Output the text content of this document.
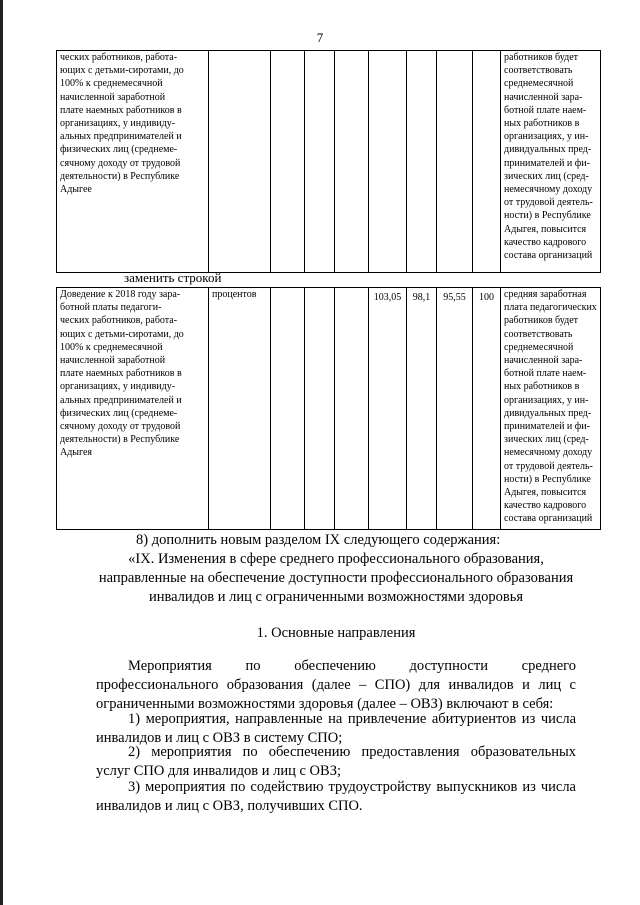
7
ческих работников, работа-
ющих с детьми-сиротами, до
100% к среднемесячной
начисленной заработной
плате наемных работников в
организациях, у индивиду-
альных предпринимателей и
физических лиц (среднеме-
сячному доходу от трудовой
деятельности) в Республике
Адыгее									работников будет
соответствовать
среднемесячной
начисленной зара-
ботной плате наем-
ных работников в
организациях, у ин-
дивидуальных пред-
принимателей и фи-
зических лиц (сред-
немесячному доходу
от трудовой деятель-
ности) в Республике
Адыгея, повысится
качество кадрового
состава организаций
заменить строкой
Доведение к 2018 году зара-
ботной платы педагоги-
ческих работников, работа-
ющих с детьми-сиротами, до
100% к среднемесячной
начисленной заработной
плате наемных работников в
организациях, у индивиду-
альных предпринимателей и
физических лиц (среднеме-
сячному доходу от трудовой
деятельности) в Республике
Адыгея	процентов				103,05	98,1	95,55	100	средняя заработная
плата педагогических
работников будет
соответствовать
среднемесячной
начисленной зара-
ботной плате наем-
ных работников в
организациях, у ин-
дивидуальных пред-
принимателей и фи-
зических лиц (сред-
немесячному доходу
от трудовой деятель-
ности) в Республике
Адыгея, повысится
качество кадрового
состава организаций
8) дополнить новым разделом IX следующего содержания:
«IX. Изменения в сфере среднего профессионального образования, направленные на обеспечение доступности профессионального образования инвалидов и лиц с ограниченными возможностями здоровья
1. Основные направления
Мероприятия по обеспечению доступности среднего профессионального образования (далее – СПО) для инвалидов и лиц с ограниченными возможностями здоровья (далее – ОВЗ) включают в себя:
1) мероприятия, направленные на привлечение абитуриентов из числа инвалидов и лиц с ОВЗ в систему СПО;
2) мероприятия по обеспечению предоставления образовательных услуг СПО для инвалидов и лиц с ОВЗ;
3) мероприятия по содействию трудоустройству выпускников из числа инвалидов и лиц с ОВЗ, получивших СПО.
